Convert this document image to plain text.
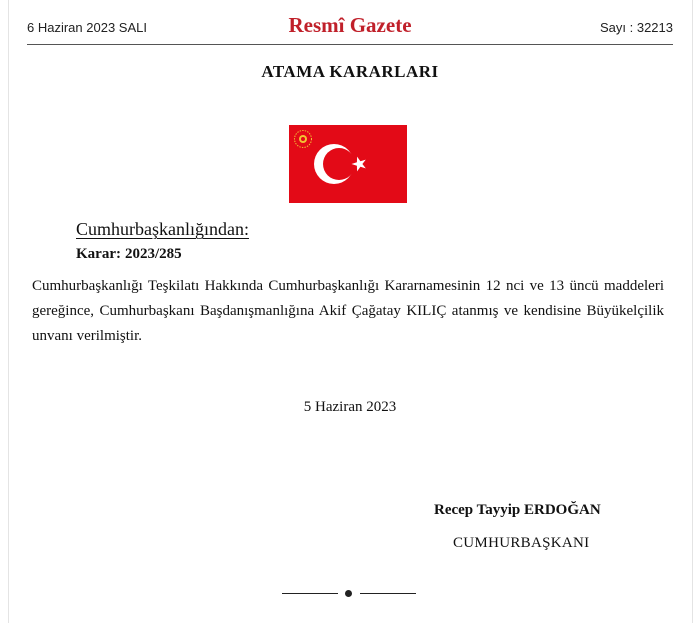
6 Haziran 2023 SALI	Resmî Gazete	Sayı : 32213
ATAMA KARARLARI
Cumhurbaşkanlığından:
Karar: 2023/285
Cumhurbaşkanlığı Teşkilatı Hakkında Cumhurbaşkanlığı Kararnamesinin 12 nci ve 13 üncü maddeleri gereğince, Cumhurbaşkanı Başdanışmanlığına Akif Çağatay KILIÇ atanmış ve kendisine Büyükelçilik unvanı verilmiştir.
5 Haziran 2023
Recep Tayyip ERDOĞAN
CUMHURBAŞKANI
